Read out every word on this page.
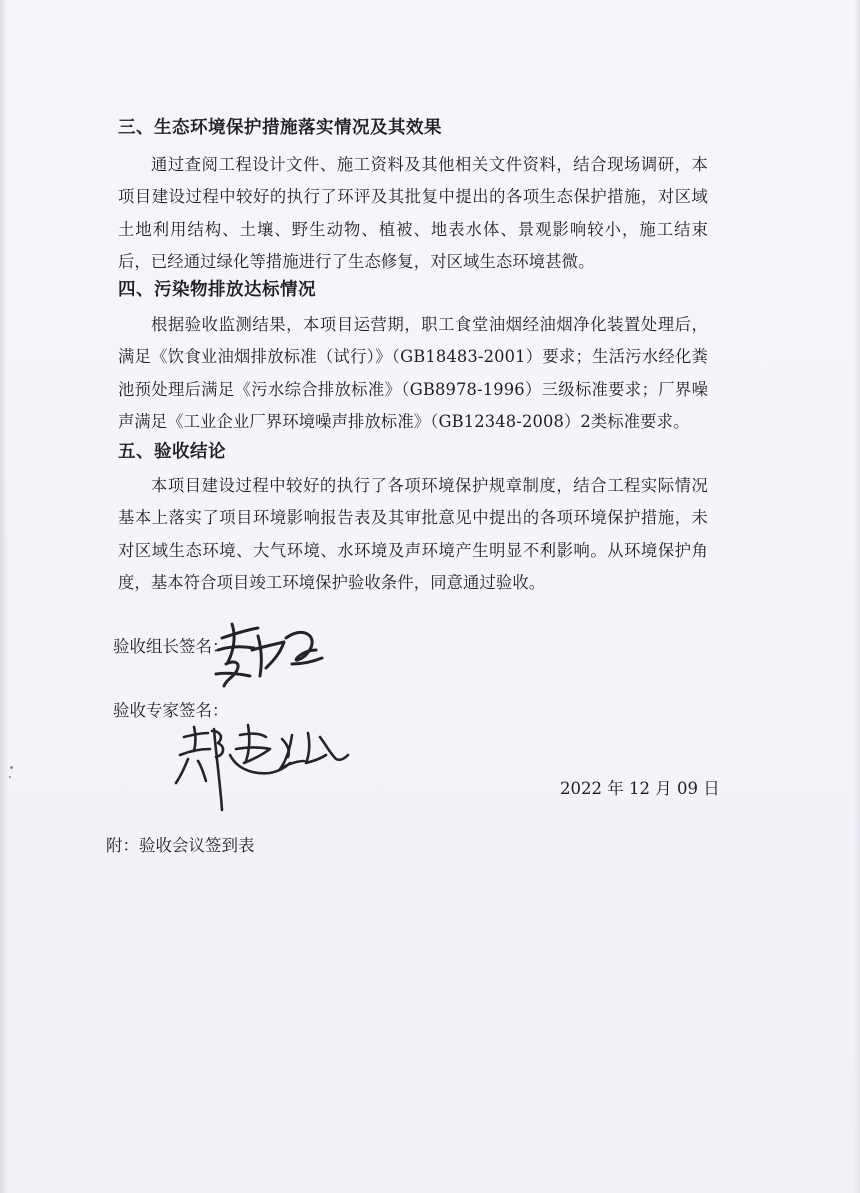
三、生态环境保护措施落实情况及其效果

通过查阅工程设计文件、施工资料及其他相关文件资料，结合现场调研，本项目建设过程中较好的执行了环评及其批复中提出的各项生态保护措施，对区域土地利用结构、土壤、野生动物、植被、地表水体、景观影响较小，施工结束后，已经通过绿化等措施进行了生态修复，对区域生态环境甚微。

四、污染物排放达标情况

根据验收监测结果，本项目运营期，职工食堂油烟经油烟净化装置处理后，满足《饮食业油烟排放标准（试行）》（GB18483-2001）要求；生活污水经化粪池预处理后满足《污水综合排放标准》（GB8978-1996）三级标准要求；厂界噪声满足《工业企业厂界环境噪声排放标准》（GB12348-2008）2类标准要求。

五、验收结论

本项目建设过程中较好的执行了各项环境保护规章制度，结合工程实际情况基本上落实了项目环境影响报告表及其审批意见中提出的各项环境保护措施，未对区域生态环境、大气环境、水环境及声环境产生明显不利影响。从环境保护角度，基本符合项目竣工环境保护验收条件，同意通过验收。

验收组长签名：
验收专家签名：
2022 年 12 月 09 日
附：验收会议签到表
